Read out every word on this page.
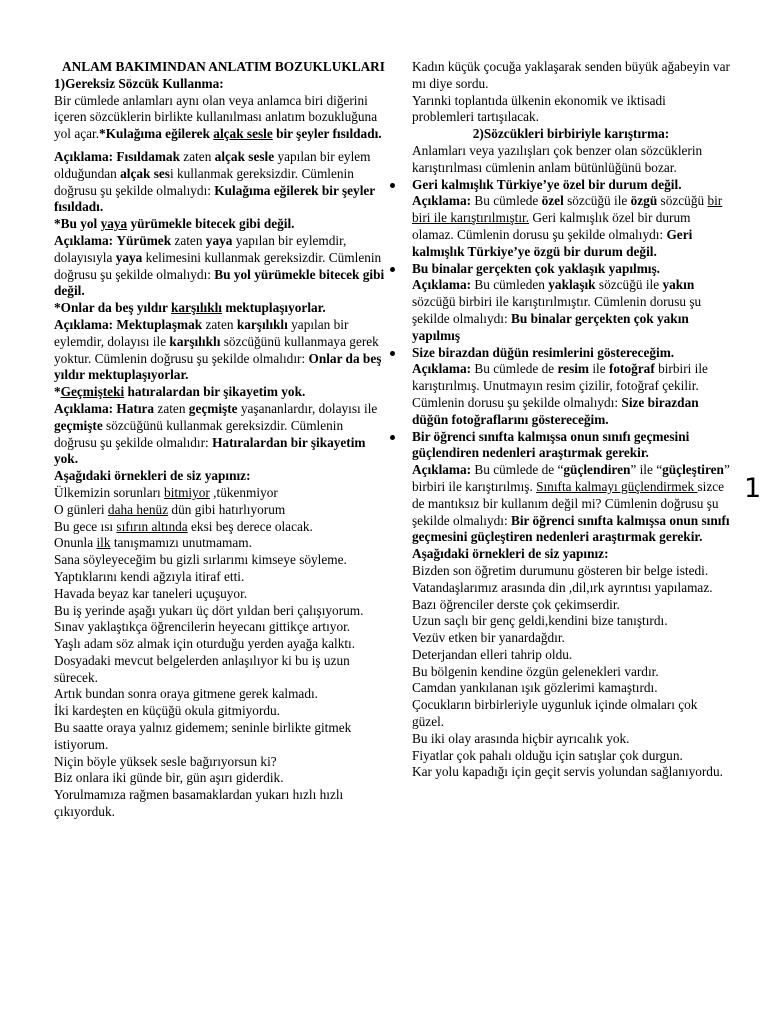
ANLAM BAKIMINDAN ANLATIM BOZUKLUKLARI

1)Gereksiz Sözcük Kullanma:

Bir cümlede anlamları aynı olan veya anlamca biri diğerini içeren sözcüklerin birlikte kullanılması anlatım bozukluğuna yol açar.*Kulağıma eğilerek alçak sesle bir şeyler fısıldadı.

Açıklama: Fısıldamak zaten alçak sesle yapılan bir eylem olduğundan alçak sesi kullanmak gereksizdir. Cümlenin doğrusu şu şekilde olmalıydı: Kulağıma eğilerek bir şeyler fısıldadı.

*Bu yol yaya yürümekle bitecek gibi değil.

Açıklama: Yürümek zaten yaya yapılan bir eylemdir, dolayısıyla yaya kelimesini kullanmak gereksizdir. Cümlenin doğrusu şu şekilde olmalıydı: Bu yol yürümekle bitecek gibi değil.

*Onlar da beş yıldır karşılıklı mektuplaşıyorlar.

Açıklama: Mektuplaşmak zaten karşılıklı yapılan bir eylemdir, dolayısı ile karşılıklı sözcüğünü kullanmaya gerek yoktur. Cümlenin doğrusu şu şekilde olmalıdır: Onlar da beş yıldır mektuplaşıyorlar.

*Geçmişteki hatıralardan bir şikayetim yok.

Açıklama: Hatıra zaten geçmişte yaşananlardır, dolayısı ile geçmişte sözcüğünü kullanmak gereksizdir. Cümlenin doğrusu şu şekilde olmalıdır: Hatıralardan bir şikayetim yok.

Aşağıdaki örnekleri de siz yapınız:

Ülkemizin sorunları bitmiyor ,tükenmiyor

O günleri daha henüz dün gibi hatırlıyorum

Bu gece ısı sıfırın altında eksi beş derece olacak.

Onunla ilk tanışmamızı unutmamam.

Sana söyleyeceğim bu gizli sırlarımı kimseye söyleme.

Yaptıklarını kendi ağzıyla itiraf etti.

Havada beyaz kar taneleri uçuşuyor.

Bu iş yerinde aşağı yukarı üç dört yıldan beri çalışıyorum.

Sınav yaklaştıkça öğrencilerin heyecanı gittikçe artıyor.

Yaşlı adam söz almak için oturduğu yerden ayağa kalktı.

Dosyadaki mevcut belgelerden anlaşılıyor ki bu iş uzun sürecek.

Artık bundan sonra oraya gitmene gerek kalmadı.

İki kardeşten en küçüğü okula gitmiyordu.

Bu saatte oraya yalnız gidemem; seninle birlikte gitmek istiyorum.

Niçin böyle yüksek sesle bağırıyorsun ki?

Biz onlara iki günde bir, gün aşırı giderdik.

Yorulmamıza rağmen basamaklardan yukarı hızlı hızlı çıkıyorduk.

Kadın küçük çocuğa yaklaşarak senden büyük ağabeyin var mı diye sordu.

Yarınki toplantıda ülkenin ekonomik ve iktisadi problemleri tartışılacak.

2)Sözcükleri birbiriyle karıştırma:

Anlamları veya yazılışları çok benzer olan sözcüklerin karıştırılması cümlenin anlam bütünlüğünü bozar.

Geri kalmışlık Türkiye’ye özel bir durum değil.

Açıklama: Bu cümlede özel sözcüğü ile özgü sözcüğü bir biri ile karıştırılmıştır. Geri kalmışlık özel bir durum olamaz. Cümlenin dorusu şu şekilde olmalıydı: Geri kalmışlık Türkiye’ye özgü bir durum değil.

Bu binalar gerçekten çok yaklaşık yapılmış.

Açıklama: Bu cümleden yaklaşık sözcüğü ile yakın sözcüğü birbiri ile karıştırılmıştır. Cümlenin dorusu şu şekilde olmalıydı: Bu binalar gerçekten çok yakın yapılmış

Size birazdan düğün resimlerini göstereceğim.

Açıklama: Bu cümlede de resim ile fotoğraf birbiri ile karıştırılmış. Unutmayın resim çizilir, fotoğraf çekilir. Cümlenin dorusu şu şekilde olmalıydı: Size birazdan düğün fotoğraflarını göstereceğim.

Bir öğrenci sınıfta kalmışsa onun sınıfı geçmesini güçlendiren nedenleri araştırmak gerekir.

Açıklama: Bu cümlede de “güçlendiren” ile “güçleştiren” birbiri ile karıştırılmış. Sınıfta kalmayı güçlendirmek sizce de mantıksız bir kullanım değil mi? Cümlenin doğrusu şu şekilde olmalıydı: Bir öğrenci sınıfta kalmışsa onun sınıfı geçmesini güçleştiren nedenleri araştırmak gerekir.

Aşağıdaki örnekleri de siz yapınız:

Bizden son öğretim durumunu gösteren bir belge istedi.

Vatandaşlarımız arasında din ,dil,ırk ayrıntısı yapılamaz.

Bazı öğrenciler derste çok çekimserdir.

Uzun saçlı bir genç geldi,kendini bize tanıştırdı.

Vezüv etken bir yanardağdır.

Deterjandan elleri tahrip oldu.

Bu bölgenin kendine özgün gelenekleri vardır.

Camdan yankılanan ışık gözlerimi kamaştırdı.

Çocukların birbirleriyle uygunluk içinde olmaları çok güzel.

Bu iki olay arasında hiçbir ayrıcalık yok.

Fiyatlar çok pahalı olduğu için satışlar çok durgun.

Kar yolu kapadığı için geçit servis yolundan sağlanıyordu.

1
